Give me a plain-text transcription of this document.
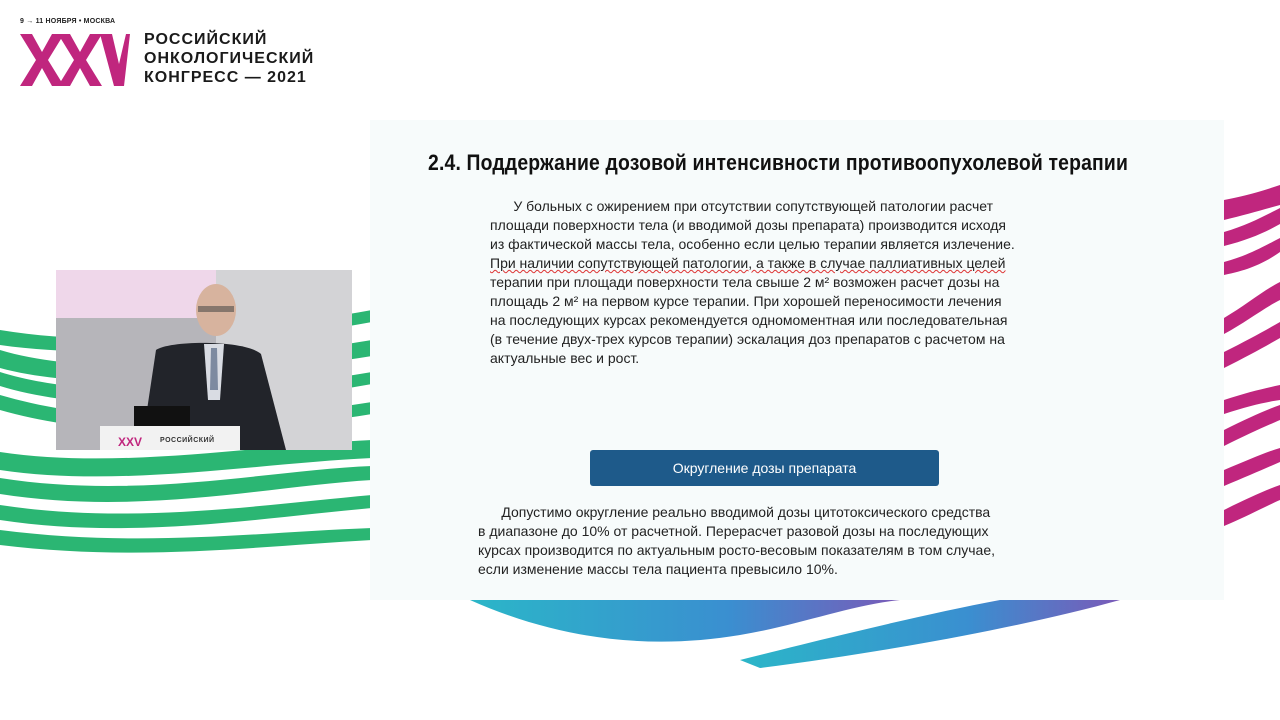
9 → 11 НОЯБРЯ • МОСКВА
РОССИЙСКИЙ
ОНКОЛОГИЧЕСКИЙ
КОНГРЕСС — 2021
XXV	РОССИЙСКИЙ
2.4. Поддержание дозовой интенсивности противоопухолевой терапии
У больных с ожирением при отсутствии сопутствующей патологии расчет
площади поверхности тела (и вводимой дозы препарата) производится исходя
из фактической массы тела, особенно если целью терапии является излечение.
При наличии сопутствующей патологии, а также в случае паллиативных целей
терапии при площади поверхности тела свыше 2 м² возможен расчет дозы на
площадь 2 м² на первом курсе терапии. При хорошей переносимости лечения
на последующих курсах рекомендуется одномоментная или последовательная
(в течение двух-трех курсов терапии) эскалация доз препаратов с расчетом на
актуальные вес и рост.
Округление дозы препарата
Допустимо округление реально вводимой дозы цитотоксического средства
в диапазоне до 10% от расчетной. Перерасчет разовой дозы на последующих
курсах производится по актуальным росто-весовым показателям в том случае,
если изменение массы тела пациента превысило 10%.
